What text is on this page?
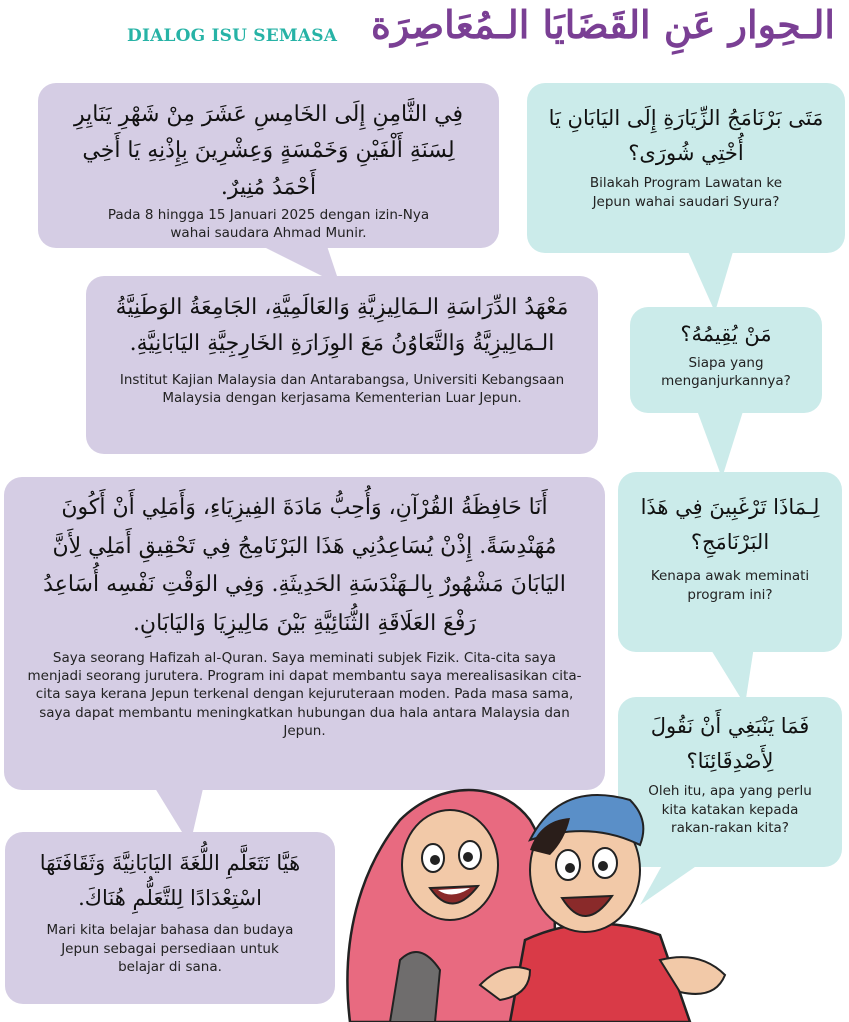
DIALOG ISU SEMASA الـحِوار عَنِ القَضَايَا الـمُعَاصِرَة
مَتَى بَرْنَامَجُ الزِّيَارَةِ إِلَى اليَابَانِ يَا أُخْتِي شُورَى؟
Bilakah Program Lawatan ke Jepun wahai saudari Syura?
مَنْ يُقِيمُهُ؟
Siapa yang menganjurkannya?
لِـمَاذَا تَرْغَبِينَ فِي هَذَا البَرْنَامَجِ؟
Kenapa awak meminati program ini?
فَمَا يَنْبَغِي أَنْ نَقُولَ لِأَصْدِقَائِنَا؟
Oleh itu, apa yang perlu kita katakan kepada rakan-rakan kita?
فِي الثَّامِنِ إِلَى الخَامِسِ عَشَرَ مِنْ شَهْرِ يَنَايِرِ لِسَنَةِ أَلْفَيْنِ وَخَمْسَةٍ وَعِشْرِينَ بِإِذْنِهِ يَا أَخِي أَحْمَدُ مُنِيرٌ.
Pada 8 hingga 15 Januari 2025 dengan izin-Nya wahai saudara Ahmad Munir.
مَعْهَدُ الدِّرَاسَةِ الـمَالِيزِيَّةِ وَالعَالَمِيَّةِ، الجَامِعَةُ الوَطَنِيَّةُ الـمَالِيزِيَّةُ وَالتَّعَاوُنُ مَعَ الوِزَارَةِ الخَارِجِيَّةِ اليَابَانِيَّةِ.
Institut Kajian Malaysia dan Antarabangsa, Universiti Kebangsaan Malaysia dengan kerjasama Kementerian Luar Jepun.
أَنَا حَافِظَةُ القُرْآنِ، وَأُحِبُّ مَادَةَ الفِيزِيَاءِ، وَأَمَلِي أَنْ أَكُونَ مُهَنْدِسَةً. إِذْنْ يُسَاعِدُنِي هَذَا البَرْنَامِجُ فِي تَحْقِيقِ أَمَلِي لِأَنَّ اليَابَانَ مَشْهُورٌ بِالـهَنْدَسَةِ الحَدِيثَةِ. وَفِي الوَقْتِ نَفْسِه أُسَاعِدُ رَفْعَ العَلَاقَةِ الثُّنَائِيَّةِ بَيْنَ مَالِيزِيَا وَاليَابَانِ.
Saya seorang Hafizah al-Quran. Saya meminati subjek Fizik. Cita-cita saya menjadi seorang jurutera. Program ini dapat membantu saya merealisasikan cita-cita saya kerana Jepun terkenal dengan kejuruteraan moden. Pada masa sama, saya dapat membantu meningkatkan hubungan dua hala antara Malaysia dan Jepun.
هَيَّا نَتَعَلَّمِ اللُّغَةَ اليَابَانِيَّةَ وَثَقَافَتَهَا اسْتِعْدَادًا لِلتَّعَلُّمِ هُنَاكَ.
Mari kita belajar bahasa dan budaya Jepun sebagai persediaan untuk belajar di sana.
